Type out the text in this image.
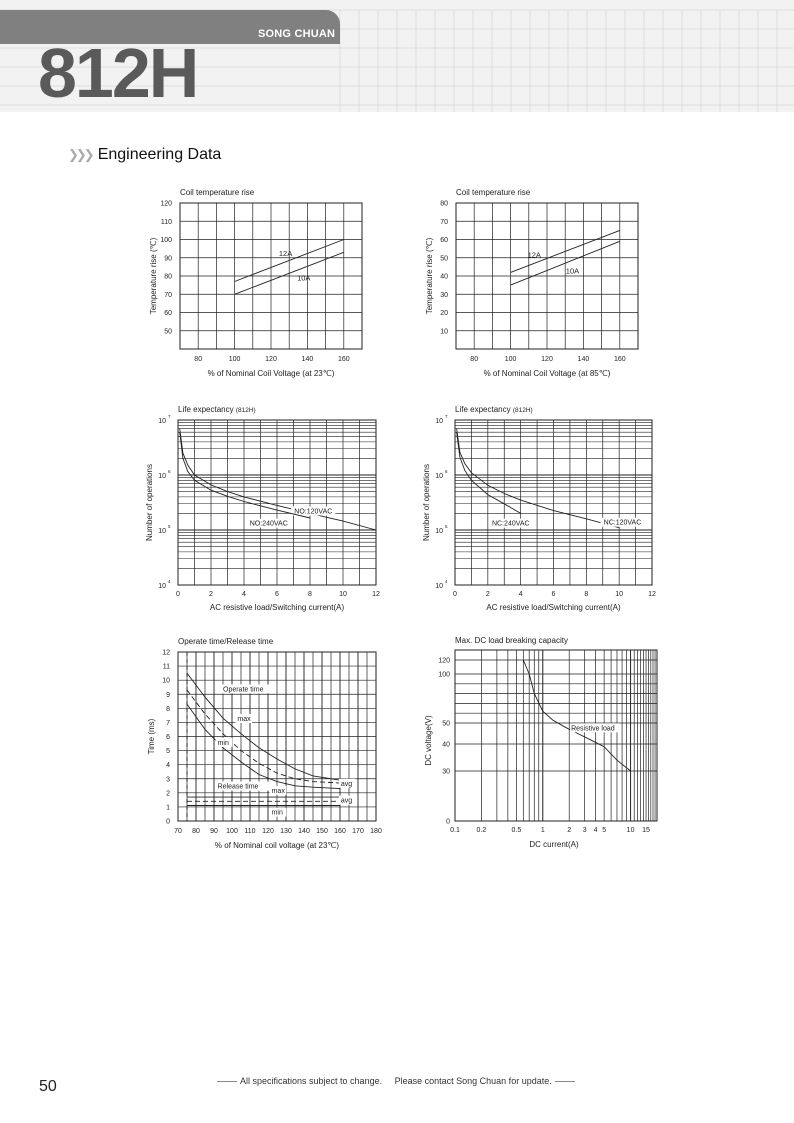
SONG CHUAN
812H
❯❯❯ Engineering Data
80	100	120	140	160
50
60
70
80
90
100
110
120
Coil temperature rise
% of Nominal Coil Voltage (at 23℃)
Temperature rise (℃)	12A
10A
80	100	120	140	160
10
20
30
40
50
60
70
80
Coil temperature rise
% of Nominal Coil Voltage (at 85℃)
Temperature rise (℃)	12A
10A
0	2	4	6	8	10	12
10
4
10
5
10
6
10
7
Life expectancy (812H)
AC resistive load/Switching current(A)
Number of operations	NO:120VAC
NO:240VAC
0	2	4	6	8	10	12
10
4
10
5
10
6
10
7
Life expectancy (812H)
AC resistive load/Switching current(A)
Number of operations	NC:120VAC
NC:240VAC
70 80 90 100 110 120 130 140 150 160 170 180
0
1
2
3
4
5
6
7
8
9
10
11
12
Operate time/Release time
% of Nominal coil voltage (at 23℃)
Time (ms)
Operate time
max
min
Release time
max
min
avg
avg
0.1 0.2	0.5	1	2 3 4 5	10 15
0
30
40
50
100
120
Max. DC load breaking capacity
DC current(A)
DC voltage(V)	Resistive load
50	All specifications subject to change. Please contact Song Chuan for update.
